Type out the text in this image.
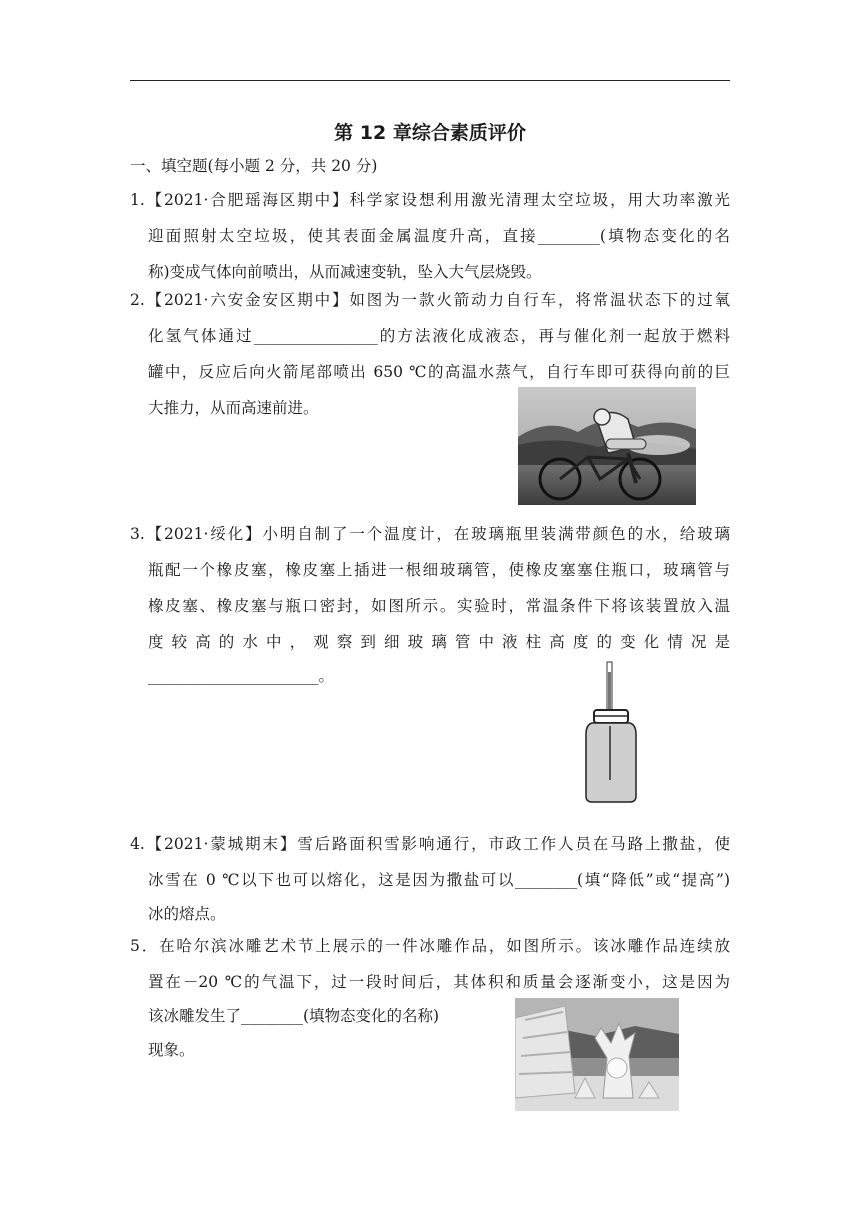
第 12 章综合素质评价
一、填空题(每小题 2 分，共 20 分)
1.【2021·合肥瑶海区期中】科学家设想利用激光清理太空垃圾，用大功率激光
迎面照射太空垃圾，使其表面金属温度升高，直接________(填物态变化的名
称)变成气体向前喷出，从而减速变轨，坠入大气层烧毁。
2.【2021·六安金安区期中】如图为一款火箭动力自行车，将常温状态下的过氧
化氢气体通过________________的方法液化成液态，再与催化剂一起放于燃料
罐中，反应后向火箭尾部喷出 650 ℃的高温水蒸气，自行车即可获得向前的巨
大推力，从而高速前进。
3.【2021·绥化】小明自制了一个温度计，在玻璃瓶里装满带颜色的水，给玻璃
瓶配一个橡皮塞，橡皮塞上插进一根细玻璃管，使橡皮塞塞住瓶口，玻璃管与
橡皮塞、橡皮塞与瓶口密封，如图所示。实验时，常温条件下将该装置放入温
度较高的水中，观察到细玻璃管中液柱高度的变化情况是
______________________。
4.【2021·蒙城期末】雪后路面积雪影响通行，市政工作人员在马路上撒盐，使
冰雪在 0 ℃以下也可以熔化，这是因为撒盐可以________(填“降低”或“提高”)
冰的熔点。
5．在哈尔滨冰雕艺术节上展示的一件冰雕作品，如图所示。该冰雕作品连续放
置在－20 ℃的气温下，过一段时间后，其体积和质量会逐渐变小，这是因为
该冰雕发生了________(填物态变化的名称)
现象。
